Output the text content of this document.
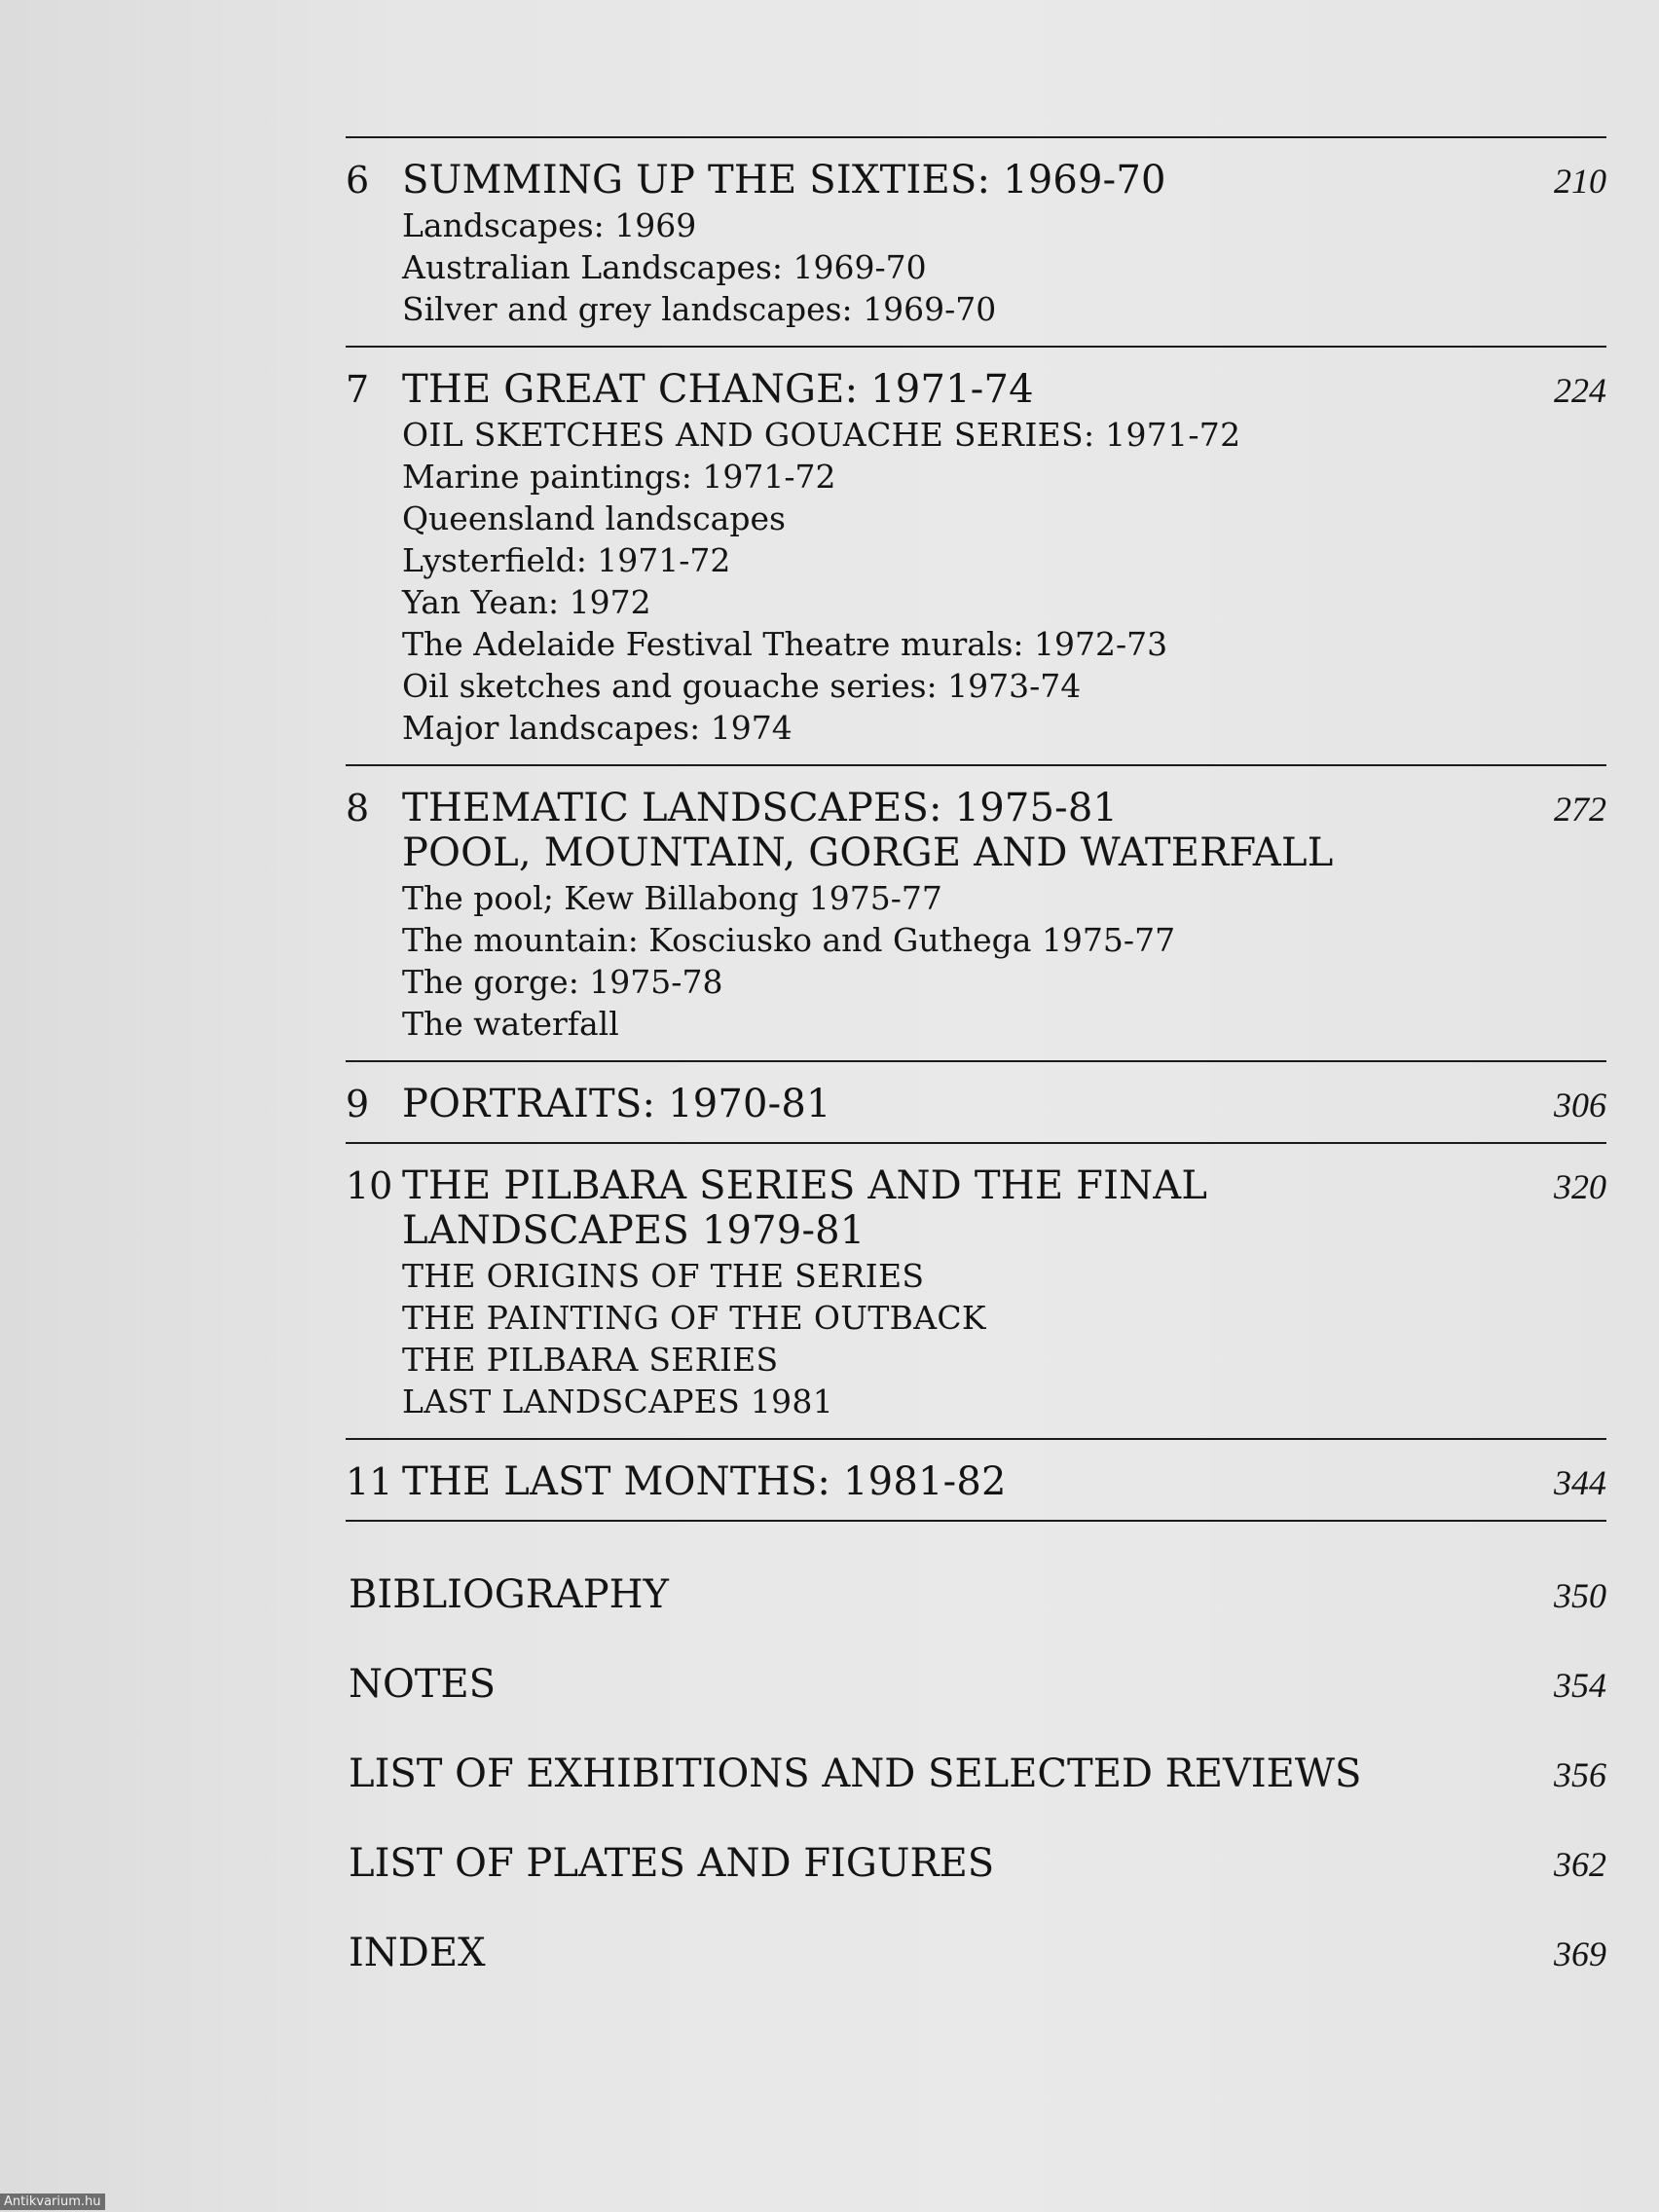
6 SUMMING UP THE SIXTIES: 1969-70	210
Landscapes: 1969
Australian Landscapes: 1969-70
Silver and grey landscapes: 1969-70
7 THE GREAT CHANGE: 1971-74	224
OIL SKETCHES AND GOUACHE SERIES: 1971-72
Marine paintings: 1971-72
Queensland landscapes
Lysterfield: 1971-72
Yan Yean: 1972
The Adelaide Festival Theatre murals: 1972-73
Oil sketches and gouache series: 1973-74
Major landscapes: 1974
8 THEMATIC LANDSCAPES: 1975-81	272
POOL, MOUNTAIN, GORGE AND WATERFALL
The pool; Kew Billabong 1975-77
The mountain: Kosciusko and Guthega 1975-77
The gorge: 1975-78
The waterfall
9 PORTRAITS: 1970-81	306
10 THE PILBARA SERIES AND THE FINAL	320
LANDSCAPES 1979-81
THE ORIGINS OF THE SERIES
THE PAINTING OF THE OUTBACK
THE PILBARA SERIES
LAST LANDSCAPES 1981
11 THE LAST MONTHS: 1981-82	344
BIBLIOGRAPHY	350
NOTES	354
LIST OF EXHIBITIONS AND SELECTED REVIEWS	356
LIST OF PLATES AND FIGURES	362
INDEX	369
Antikvarium.hu
